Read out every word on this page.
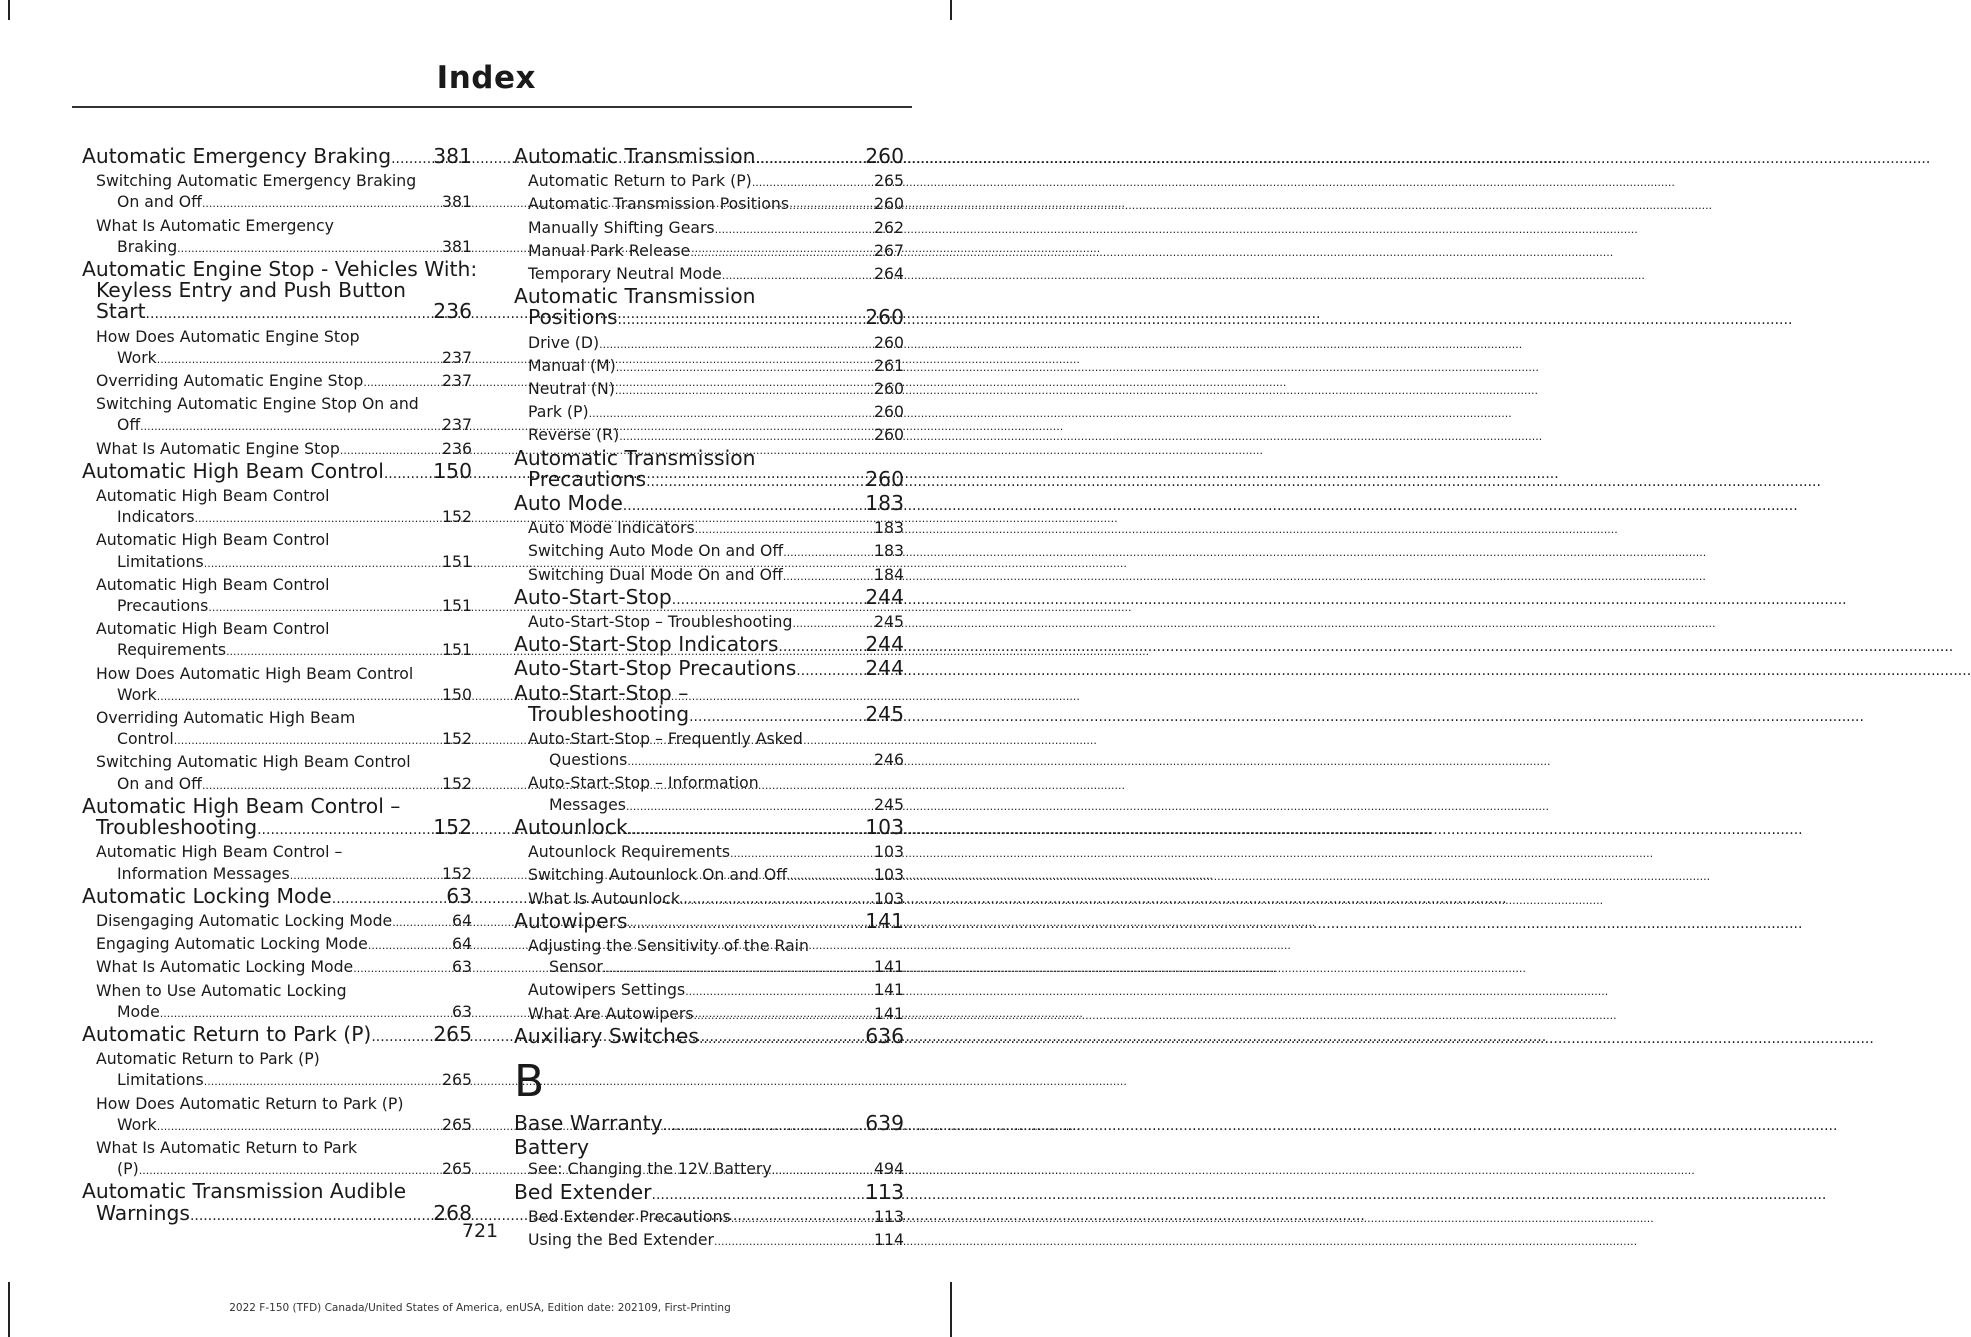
Index
Automatic Emergency Braking ..... 381
Switching Automatic Emergency Braking
On and Off .....	381
What Is Automatic Emergency
Braking .....	381
Automatic Engine Stop - Vehicles With:
Keyless Entry and Push Button
Start .....	236
How Does Automatic Engine Stop
Work .....	237
Overriding Automatic Engine Stop .....	237
Switching Automatic Engine Stop On and
Off .....	237
What Is Automatic Engine Stop .....	236
Automatic High Beam Control ..... 150
Automatic High Beam Control
Indicators .....	152
Automatic High Beam Control
Limitations .....	151
Automatic High Beam Control
Precautions .....	151
Automatic High Beam Control
Requirements .....	151
How Does Automatic High Beam Control
Work .....	150
Overriding Automatic High Beam
Control .....	152
Switching Automatic High Beam Control
On and Off .....	152
Automatic High Beam Control –
Troubleshooting .....	152
Automatic High Beam Control –
Information Messages .....	152
Automatic Locking Mode .....	63
Disengaging Automatic Locking Mode .....	64
Engaging Automatic Locking Mode .....	64
What Is Automatic Locking Mode .....	63
When to Use Automatic Locking
Mode .....	63
Automatic Return to Park (P) .....	265
Automatic Return to Park (P)
Limitations .....	265
How Does Automatic Return to Park (P)
Work .....	265
What Is Automatic Return to Park
(P) .....	265
Automatic Transmission Audible
Warnings .....	268
Automatic Transmission .....	260
Automatic Return to Park (P) .....	265
Automatic Transmission Positions .....	260
Manually Shifting Gears .....	262
Manual Park Release .....	267
Temporary Neutral Mode .....	264
Automatic Transmission
Positions .....	260
Drive (D) .....	260
Manual (M) .....	261
Neutral (N) .....	260
Park (P) .....	260
Reverse (R) .....	260
Automatic Transmission
Precautions .....	260
Auto Mode .....	183
Auto Mode Indicators .....	183
Switching Auto Mode On and Off .....	183
Switching Dual Mode On and Off .....	184
Auto-Start-Stop .....	244
Auto-Start-Stop – Troubleshooting .....	245
Auto-Start-Stop Indicators .....	244
Auto-Start-Stop Precautions .....	244
Auto-Start-Stop –
Troubleshooting .....	245
Auto-Start-Stop – Frequently Asked
Questions .....	246
Auto-Start-Stop – Information
Messages .....	245
Autounlock .....	103
Autounlock Requirements .....	103
Switching Autounlock On and Off .....	103
What Is Autounlock .....	103
Autowipers .....	141
Adjusting the Sensitivity of the Rain
Sensor .....	141
Autowipers Settings .....	141
What Are Autowipers .....	141
Auxiliary Switches .....	636
B
Base Warranty .....	639
Battery
See: Changing the 12V Battery .....	494
Bed Extender .....	113
Bed Extender Precautions .....	113
Using the Bed Extender .....	114
721
2022 F-150 (TFD) Canada/United States of America, enUSA, Edition date: 202109, First-Printing
